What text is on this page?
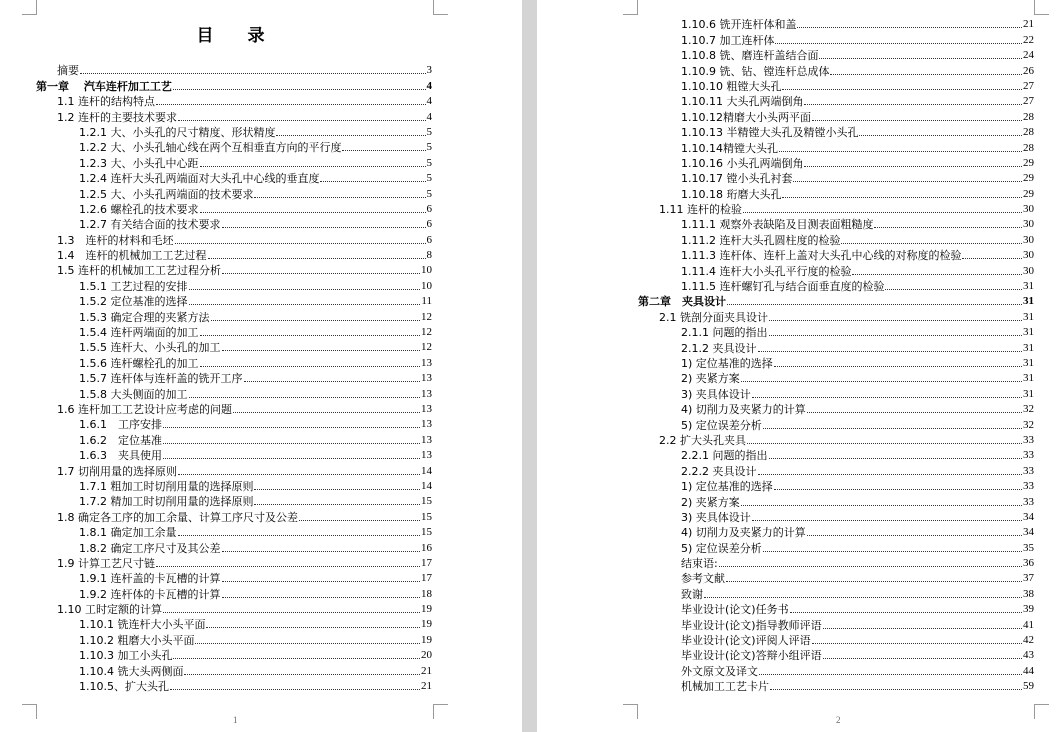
目 录
摘要	3
第一章　 汽车连杆加工工艺	4
1.1 连杆的结构特点	4
1.2 连杆的主要技术要求	4
1.2.1 大、小头孔的尺寸精度、形状精度	5
1.2.2 大、小头孔轴心线在两个互相垂直方向的平行度	5
1.2.3 大、小头孔中心距	5
1.2.4 连杆大头孔两端面对大头孔中心线的垂直度	5
1.2.5 大、小头孔两端面的技术要求	5
1.2.6 螺栓孔的技术要求	6
1.2.7 有关结合面的技术要求	6
1.3　连杆的材料和毛坯	6
1.4　连杆的机械加工工艺过程	8
1.5 连杆的机械加工工艺过程分析	10
1.5.1 工艺过程的安排	10
1.5.2 定位基准的选择	11
1.5.3 确定合理的夹紧方法	12
1.5.4 连杆两端面的加工	12
1.5.5 连杆大、小头孔的加工	12
1.5.6 连杆螺栓孔的加工	13
1.5.7 连杆体与连杆盖的铣开工序	13
1.5.8 大头侧面的加工	13
1.6 连杆加工工艺设计应考虑的问题	13
1.6.1　工序安排	13
1.6.2　定位基准	13
1.6.3　夹具使用	13
1.7 切削用量的选择原则	14
1.7.1 粗加工时切削用量的选择原则	14
1.7.2 精加工时切削用量的选择原则	15
1.8 确定各工序的加工余量、计算工序尺寸及公差	15
1.8.1 确定加工余量	15
1.8.2 确定工序尺寸及其公差	16
1.9 计算工艺尺寸链	17
1.9.1 连杆盖的卡瓦槽的计算	17
1.9.2 连杆体的卡瓦槽的计算	18
1.10 工时定额的计算	19
1.10.1 铣连杆大小头平面	19
1.10.2 粗磨大小头平面	19
1.10.3 加工小头孔	20
1.10.4 铣大头两侧面	21
1.10.5、扩大头孔	21
1
1.10.6 铣开连杆体和盖	21
1.10.7 加工连杆体	22
1.10.8 铣、磨连杆盖结合面	24
1.10.9 铣、钻、镗连杆总成体	26
1.10.10 粗镗大头孔	27
1.10.11 大头孔两端倒角	27
1.10.12精磨大小头两平面	28
1.10.13 半精镗大头孔及精镗小头孔	28
1.10.14精镗大头孔	28
1.10.16 小头孔两端倒角	29
1.10.17 镗小头孔衬套	29
1.10.18 珩磨大头孔	29
1.11 连杆的检验	30
1.11.1 观察外表缺陷及目测表面粗糙度	30
1.11.2 连杆大头孔圆柱度的检验	30
1.11.3 连杆体、连杆上盖对大头孔中心线的对称度的检验	30
1.11.4 连杆大小头孔平行度的检验	30
1.11.5 连杆螺钉孔与结合面垂直度的检验	31
第二章　夹具设计	31
2.1 铣剖分面夹具设计	31
2.1.1 问题的指出	31
2.1.2 夹具设计	31
1) 定位基准的选择	31
2) 夹紧方案	31
3) 夹具体设计	31
4) 切削力及夹紧力的计算	32
5) 定位误差分析	32
2.2 扩大头孔夹具	33
2.2.1 问题的指出	33
2.2.2 夹具设计	33
1) 定位基准的选择	33
2) 夹紧方案	33
3) 夹具体设计	34
4) 切削力及夹紧力的计算	34
5) 定位误差分析	35
结束语:	36
参考文献	37
致谢	38
毕业设计(论文)任务书	39
毕业设计(论文)指导教师评语	41
毕业设计(论文)评阅人评语	42
毕业设计(论文)答辩小组评语	43
外文原文及译文	44
机械加工工艺卡片	59
2
